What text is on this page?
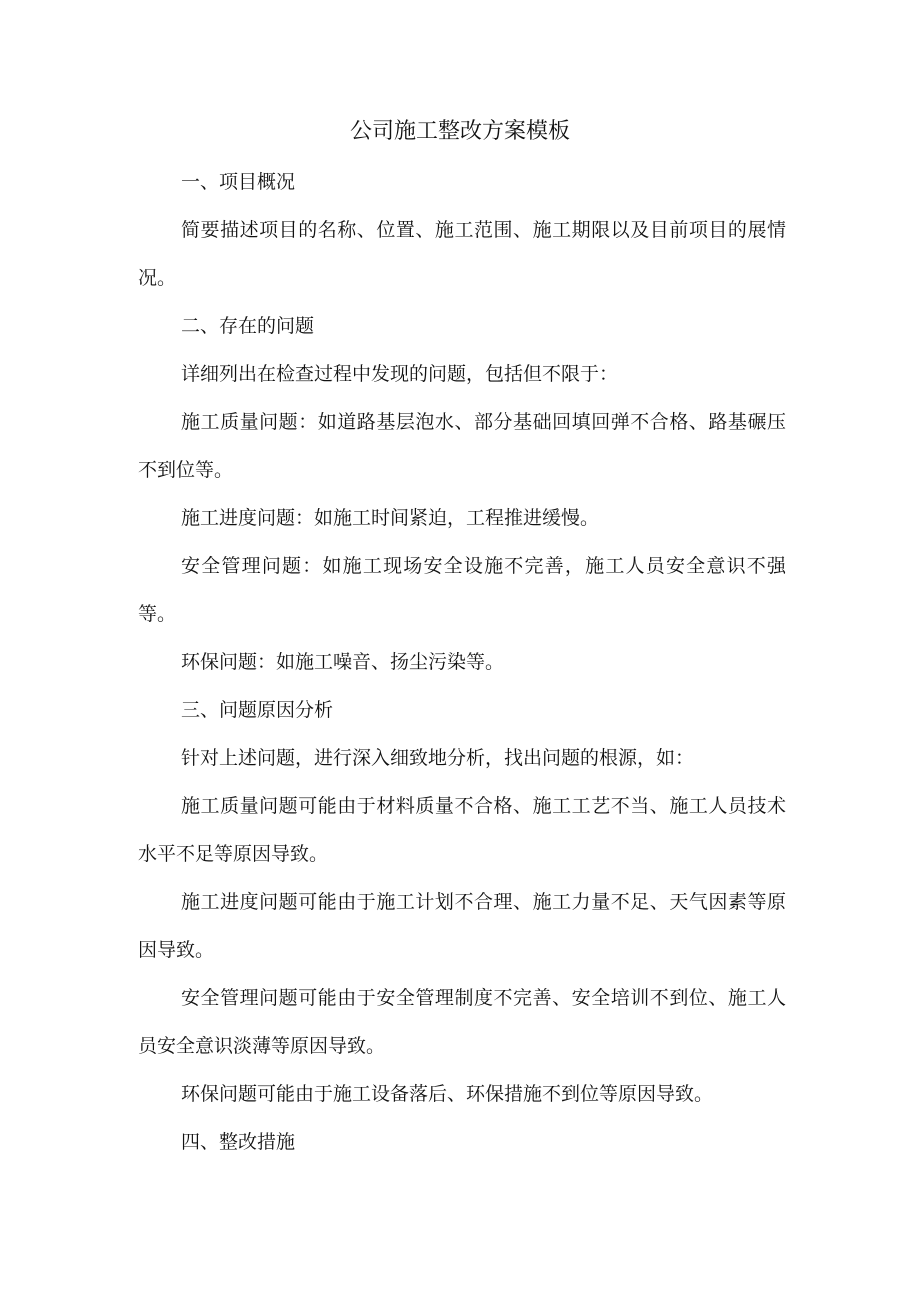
公司施工整改方案模板

一、项目概况

简要描述项目的名称、位置、施工范围、施工期限以及目前项目的展情况。

二、存在的问题

详细列出在检查过程中发现的问题，包括但不限于：

施工质量问题：如道路基层泡水、部分基础回填回弹不合格、路基碾压不到位等。

施工进度问题：如施工时间紧迫，工程推进缓慢。

安全管理问题：如施工现场安全设施不完善，施工人员安全意识不强等。

环保问题：如施工噪音、扬尘污染等。

三、问题原因分析

针对上述问题，进行深入细致地分析，找出问题的根源，如：

施工质量问题可能由于材料质量不合格、施工工艺不当、施工人员技术水平不足等原因导致。

施工进度问题可能由于施工计划不合理、施工力量不足、天气因素等原因导致。

安全管理问题可能由于安全管理制度不完善、安全培训不到位、施工人员安全意识淡薄等原因导致。

环保问题可能由于施工设备落后、环保措施不到位等原因导致。

四、整改措施
